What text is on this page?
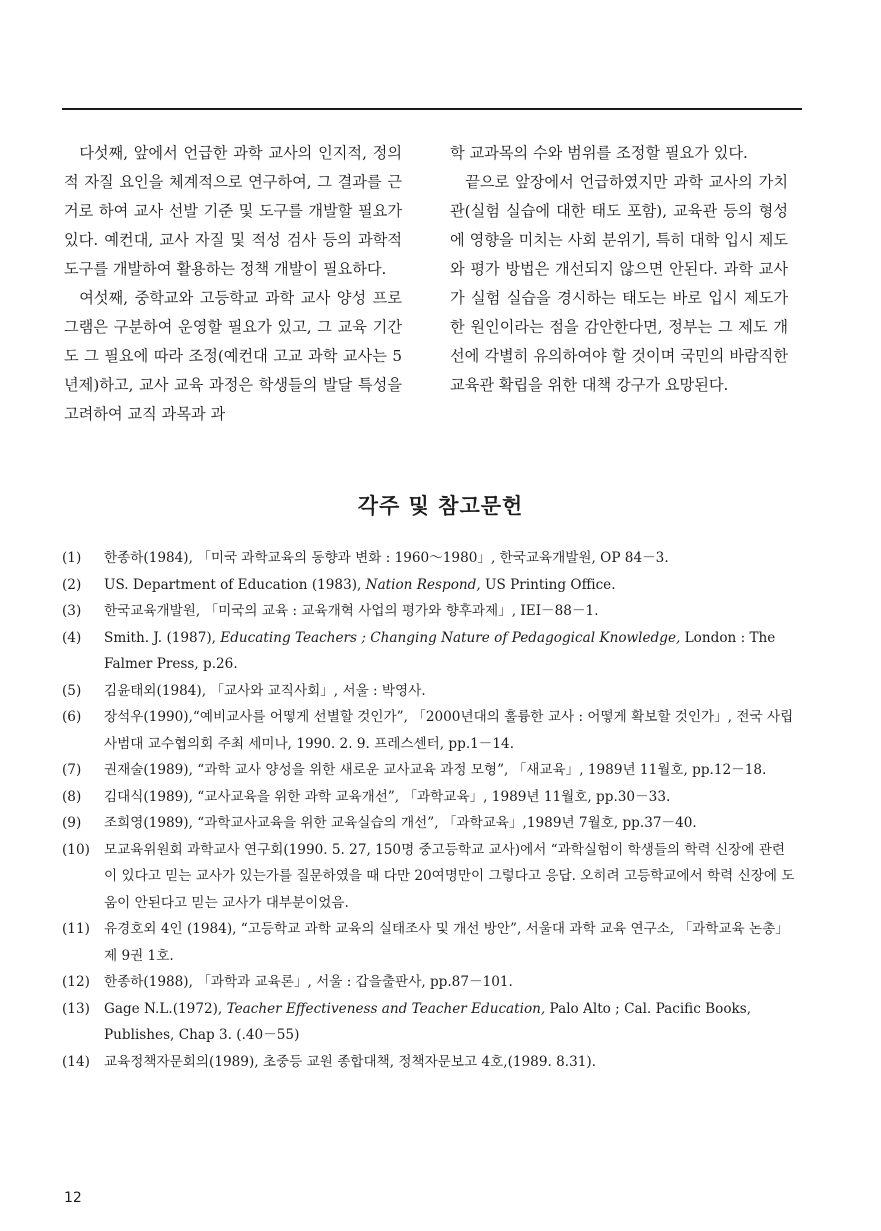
다섯째, 앞에서 언급한 과학 교사의 인지적, 정의적 자질 요인을 체계적으로 연구하여, 그 결과를 근거로 하여 교사 선발 기준 및 도구를 개발할 필요가 있다. 예컨대, 교사 자질 및 적성 검사 등의 과학적 도구를 개발하여 활용하는 정책 개발이 필요하다.

여섯째, 중학교와 고등학교 과학 교사 양성 프로그램은 구분하여 운영할 필요가 있고, 그 교육 기간도 그 필요에 따라 조정(예컨대 고교 과학 교사는 5년제)하고, 교사 교육 과정은 학생들의 발달 특성을 고려하여 교직 과목과 과

학 교과목의 수와 범위를 조정할 필요가 있다.

끝으로 앞장에서 언급하였지만 과학 교사의 가치관(실험 실습에 대한 태도 포함), 교육관 등의 형성에 영향을 미치는 사회 분위기, 특히 대학 입시 제도와 평가 방법은 개선되지 않으면 안된다. 과학 교사가 실험 실습을 경시하는 태도는 바로 입시 제도가 한 원인이라는 점을 감안한다면, 정부는 그 제도 개선에 각별히 유의하여야 할 것이며 국민의 바람직한 교육관 확립을 위한 대책 강구가 요망된다.

각주 및 참고문헌
(1)	한종하(1984), 「미국 과학교육의 동향과 변화 : 1960～1980」, 한국교육개발원, OP 84－3.
(2)	US. Department of Education (1983), Nation Respond, US Printing Office.
(3)	한국교육개발원, 「미국의 교육 : 교육개혁 사업의 평가와 향후과제」, IEI－88－1.
(4)	Smith. J. (1987), Educating Teachers ; Changing Nature of Pedagogical Knowledge, London : The Falmer Press, p.26.
(5)	김윤태외(1984), 「교사와 교직사회」, 서울 : 박영사.
(6)	장석우(1990),“예비교사를 어떻게 선별할 것인가”, 「2000년대의 훌륭한 교사 : 어떻게 확보할 것인가」, 전국 사립 사범대 교수협의회 주최 세미나, 1990. 2. 9. 프레스센터, pp.1－14.
(7)	권재술(1989), “과학 교사 양성을 위한 새로운 교사교육 과정 모형”, 「새교육」, 1989년 11월호, pp.12－18.
(8)	김대식(1989), “교사교육을 위한 과학 교육개선”, 「과학교육」, 1989년 11월호, pp.30－33.
(9)	조희영(1989), “과학교사교육을 위한 교육실습의 개선”, 「과학교육」,1989년 7월호, pp.37－40.
(10)	모교육위원회 과학교사 연구회(1990. 5. 27, 150명 중고등학교 교사)에서 “과학실험이 학생들의 학력 신장에 관련이 있다고 믿는 교사가 있는가를 질문하였을 때 다만 20여명만이 그렇다고 응답. 오히려 고등학교에서 학력 신장에 도움이 안된다고 믿는 교사가 대부분이었음.
(11)	유경호외 4인 (1984), “고등학교 과학 교육의 실태조사 및 개선 방안”, 서울대 과학 교육 연구소, 「과학교육 논총」 제 9권 1호.
(12)	한종하(1988), 「과학과 교육론」, 서울 : 갑을출판사, pp.87－101.
(13)	Gage N.L.(1972), Teacher Effectiveness and Teacher Education, Palo Alto ; Cal. Pacific Books, Publishes, Chap 3. (.40－55)
(14)	교육정책자문회의(1989), 초중등 교원 종합대책, 정책자문보고 4호,(1989. 8.31).
12
